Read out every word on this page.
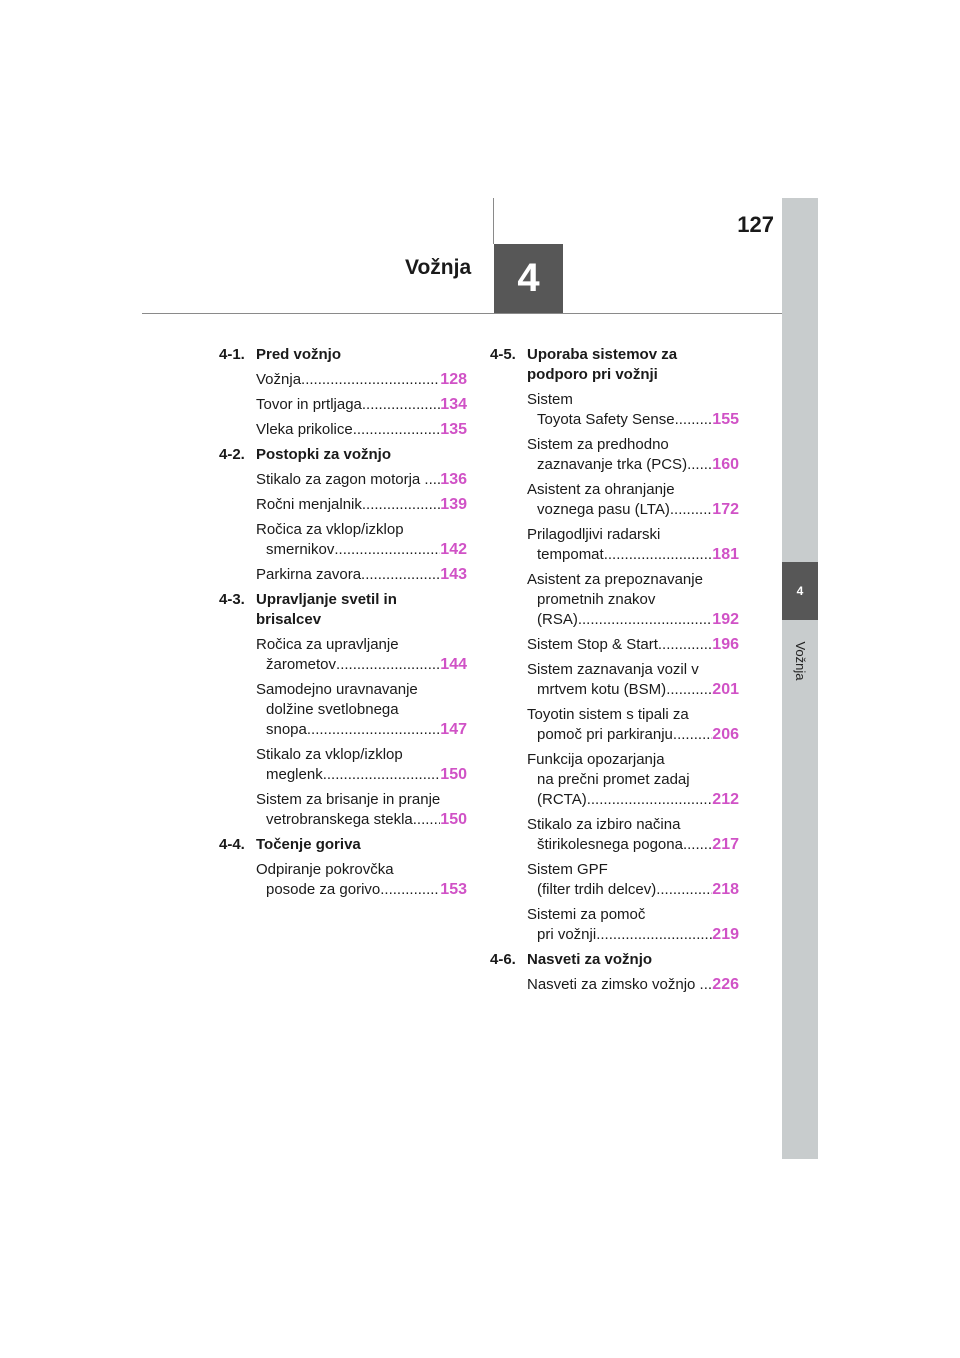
127
Vožnja	4
4
Vožnja
4-1. Pred vožnjo
Vožnja .....	128
Tovor in prtljaga .....	134
Vleka prikolice .....	135
4-2. Postopki za vožnjo
Stikalo za zagon motorja .. ..... 136
Ročni menjalnik .....	139
Ročica za vklop/izklop
smernikov .....	142
Parkirna zavora .....	143
4-3. Upravljanje svetil in
brisalcev
Ročica za upravljanje
žarometov .....	144
Samodejno uravnavanje
dolžine svetlobnega
snopa .....	147
Stikalo za vklop/izklop
meglenk .....	150
Sistem za brisanje in pranje
vetrobranskega stekla ..... 150
4-4. Točenje goriva
Odpiranje pokrovčka
posode za gorivo .....	153
4-5. Uporaba sistemov za
podporo pri vožnji
Sistem
Toyota Safety Sense ..... 155
Sistem za predhodno
zaznavanje trka (PCS) ..... 160
Asistent za ohranjanje
voznega pasu (LTA) .....	172
Prilagodljivi radarski
tempomat .....	181
Asistent za prepoznavanje
prometnih znakov
(RSA) .....	192
Sistem Stop & Start .....	196
Sistem zaznavanja vozil v
mrtvem kotu (BSM) .....	201
Toyotin sistem s tipali za
pomoč pri parkiranju ..... 206
Funkcija opozarjanja
na prečni promet zadaj
(RCTA) .....	212
Stikalo za izbiro načina
štirikolesnega pogona ..... 217
Sistem GPF
(filter trdih delcev) .....	218
Sistemi za pomoč
pri vožnji .....	219
4-6. Nasveti za vožnjo
Nasveti za zimsko vožnjo . ..... 226
